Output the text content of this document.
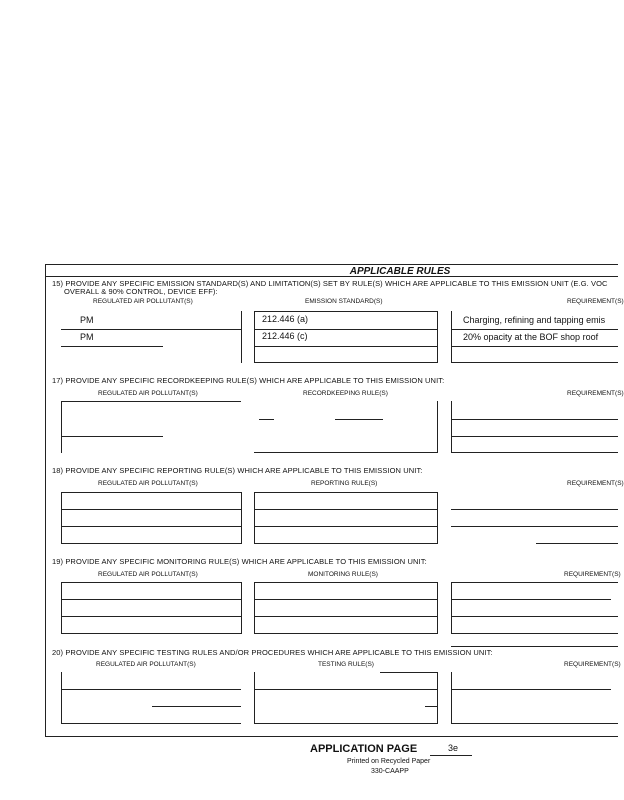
APPLICABLE RULES
15) PROVIDE ANY SPECIFIC EMISSION STANDARD(S) AND LIMITATION(S) SET BY RULE(S) WHICH ARE APPLICABLE TO THIS EMISSION UNIT (E.G. VOC
OVERALL & 90% CONTROL, DEVICE EFF):
REGULATED AIR POLLUTANT(S)	EMISSION STANDARD(S)	REQUIREMENT(S)
PM	212.446 (a)	Charging, refining and tapping emis
PM	212.446 (c)	20% opacity at the BOF shop roof
17) PROVIDE ANY SPECIFIC RECORDKEEPING RULE(S) WHICH ARE APPLICABLE TO THIS EMISSION UNIT:
REGULATED AIR POLLUTANT(S)	RECORDKEEPING RULE(S)	REQUIREMENT(S)
18) PROVIDE ANY SPECIFIC REPORTING RULE(S) WHICH ARE APPLICABLE TO THIS EMISSION UNIT:
REGULATED AIR POLLUTANT(S)	REPORTING RULE(S)	REQUIREMENT(S)
19) PROVIDE ANY SPECIFIC MONITORING RULE(S) WHICH ARE APPLICABLE TO THIS EMISSION UNIT:
REGULATED AIR POLLUTANT(S)	MONITORING RULE(S)	REQUIREMENT(S)
20) PROVIDE ANY SPECIFIC TESTING RULES AND/OR PROCEDURES WHICH ARE APPLICABLE TO THIS EMISSION UNIT:
REGULATED AIR POLLUTANT(S)	TESTING RULE(S)	REQUIREMENT(S)
APPLICATION PAGE	3e
Printed on Recycled Paper
330-CAAPP
